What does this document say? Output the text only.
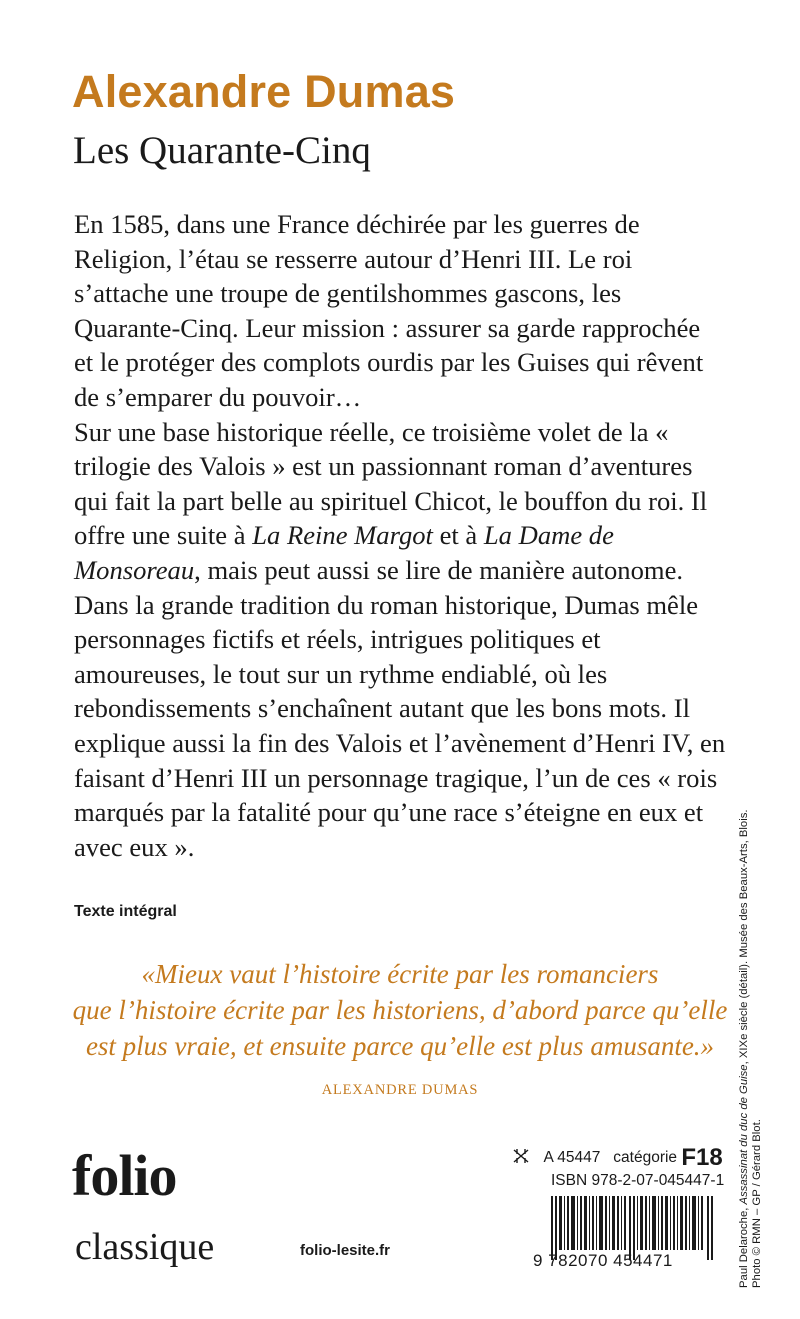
Alexandre Dumas
Les Quarante-Cinq

En 1585, dans une France déchirée par les guerres de Religion, l’étau se resserre autour d’Henri III. Le roi s’attache une troupe de gentilshommes gascons, les Quarante-Cinq. Leur mission : assurer sa garde rapprochée et le protéger des complots ourdis par les Guises qui rêvent de s’emparer du pouvoir…

Sur une base historique réelle, ce troisième volet de la « trilogie des Valois » est un passionnant roman d’aventures qui fait la part belle au spirituel Chicot, le bouffon du roi. Il offre une suite à La Reine Margot et à La Dame de Monsoreau, mais peut aussi se lire de manière autonome. Dans la grande tradition du roman historique, Dumas mêle personnages fictifs et réels, intrigues politiques et amoureuses, le tout sur un rythme endiablé, où les rebondissements s’enchaînent autant que les bons mots. Il explique aussi la fin des Valois et l’avènement d’Henri IV, en faisant d’Henri III un personnage tragique, l’un de ces « rois marqués par la fatalité pour qu’une race s’éteigne en eux et avec eux ».

Texte intégral
«Mieux vaut l’histoire écrite par les romanciers
que l’histoire écrite par les historiens, d’abord parce qu’elle
est plus vraie, et ensuite parce qu’elle est plus amusante.»
ALEXANDRE DUMAS
folio
classique	folio-lesite.fr
A 45447 catégorie F18
ISBN 978-2-07-045447-1
9 782070 454471	Paul Delaroche, Assassinat du duc de Guise, XIXe siècle (détail). Musée des Beaux-Arts, Blois.
Photo © RMN – GP / Gérard Blot.
